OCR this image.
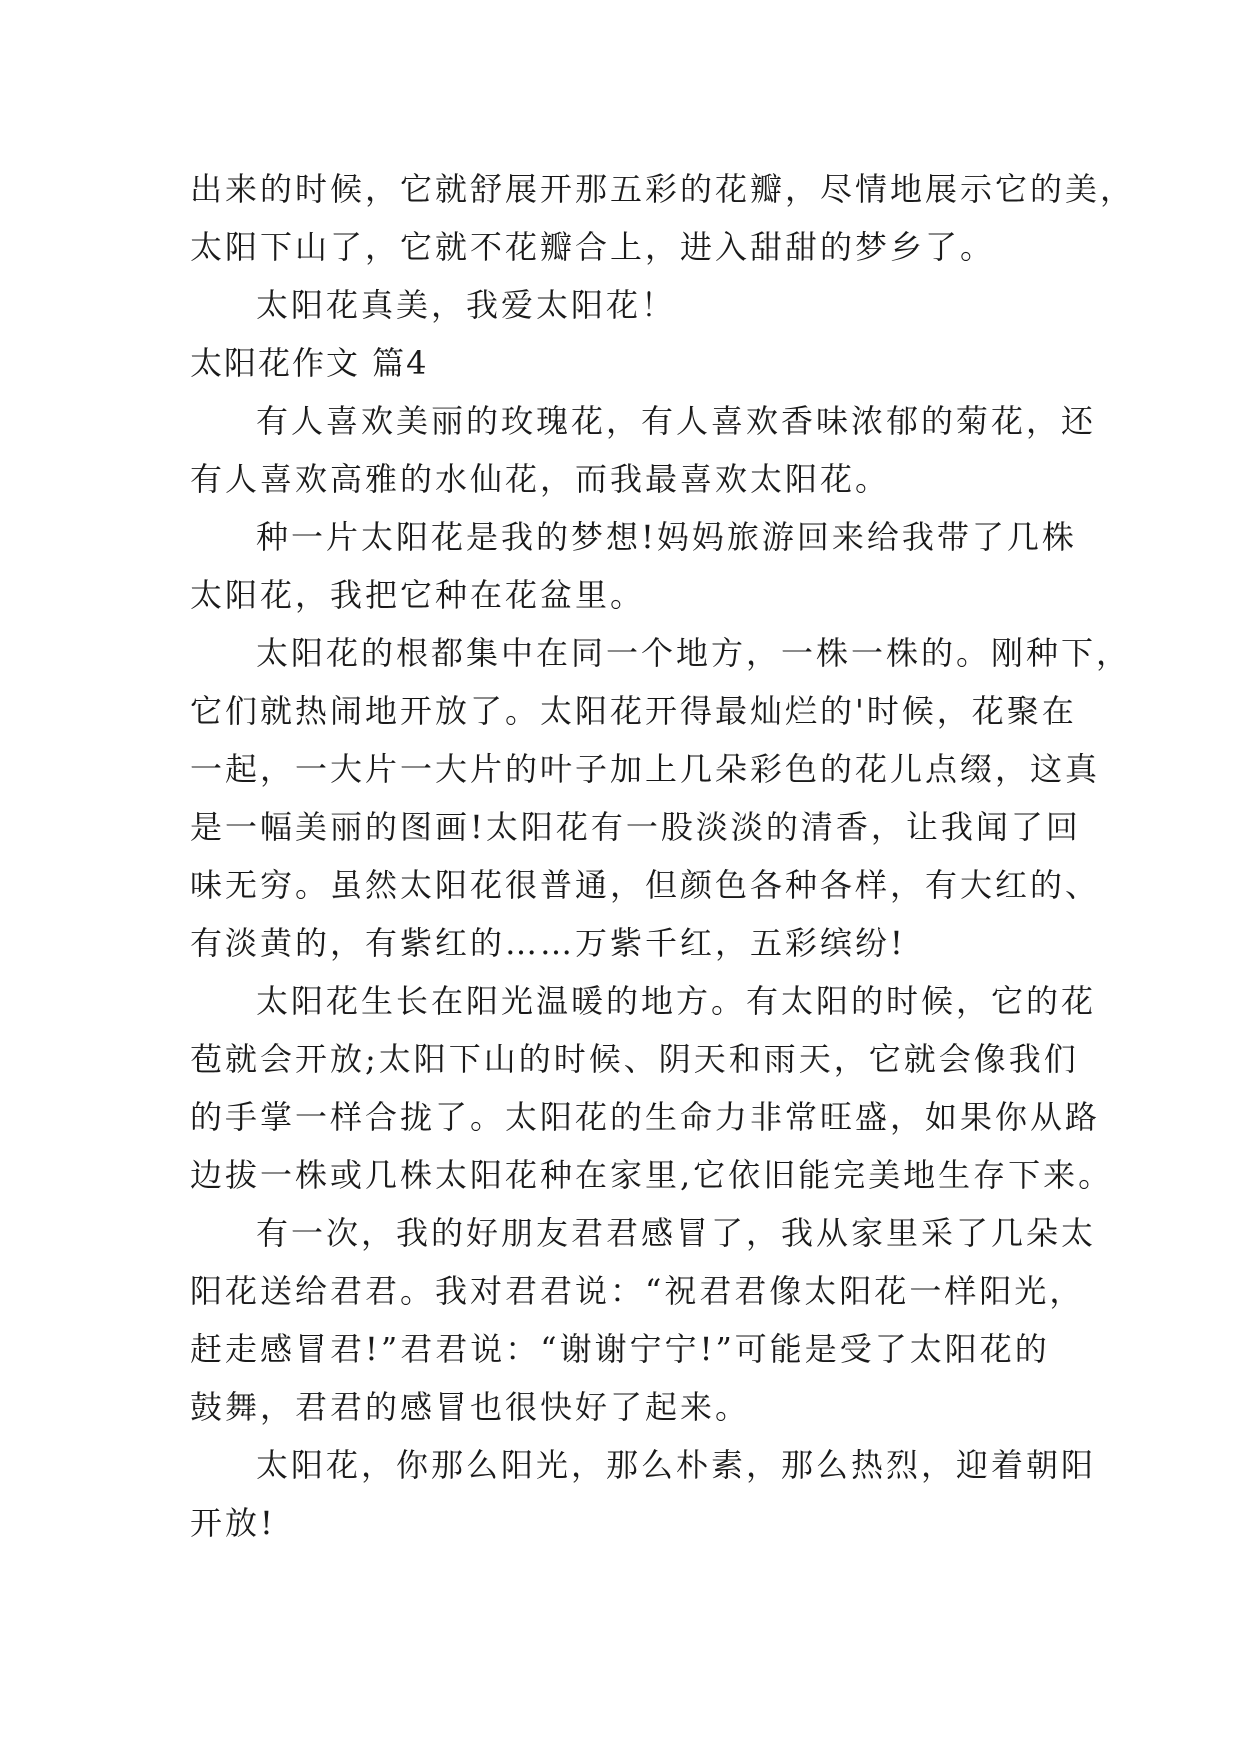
出来的时候，它就舒展开那五彩的花瓣，尽情地展示它的美，
太阳下山了，它就不花瓣合上，进入甜甜的梦乡了。
太阳花真美，我爱太阳花！
太阳花作文 篇4
有人喜欢美丽的玫瑰花，有人喜欢香味浓郁的菊花，还
有人喜欢高雅的水仙花，而我最喜欢太阳花。
种一片太阳花是我的梦想!妈妈旅游回来给我带了几株
太阳花，我把它种在花盆里。
太阳花的根都集中在同一个地方，一株一株的。刚种下，
它们就热闹地开放了。太阳花开得最灿烂的'时候，花聚在
一起，一大片一大片的叶子加上几朵彩色的花儿点缀，这真
是一幅美丽的图画!太阳花有一股淡淡的清香，让我闻了回
味无穷。虽然太阳花很普通，但颜色各种各样，有大红的、
有淡黄的，有紫红的……万紫千红，五彩缤纷!
太阳花生长在阳光温暖的地方。有太阳的时候，它的花
苞就会开放;太阳下山的时候、阴天和雨天，它就会像我们
的手掌一样合拢了。太阳花的生命力非常旺盛，如果你从路
边拔一株或几株太阳花种在家里,它依旧能完美地生存下来。
有一次，我的好朋友君君感冒了，我从家里采了几朵太
阳花送给君君。我对君君说：“祝君君像太阳花一样阳光，
赶走感冒君!”君君说：“谢谢宁宁!”可能是受了太阳花的
鼓舞，君君的感冒也很快好了起来。
太阳花，你那么阳光，那么朴素，那么热烈，迎着朝阳
开放!
